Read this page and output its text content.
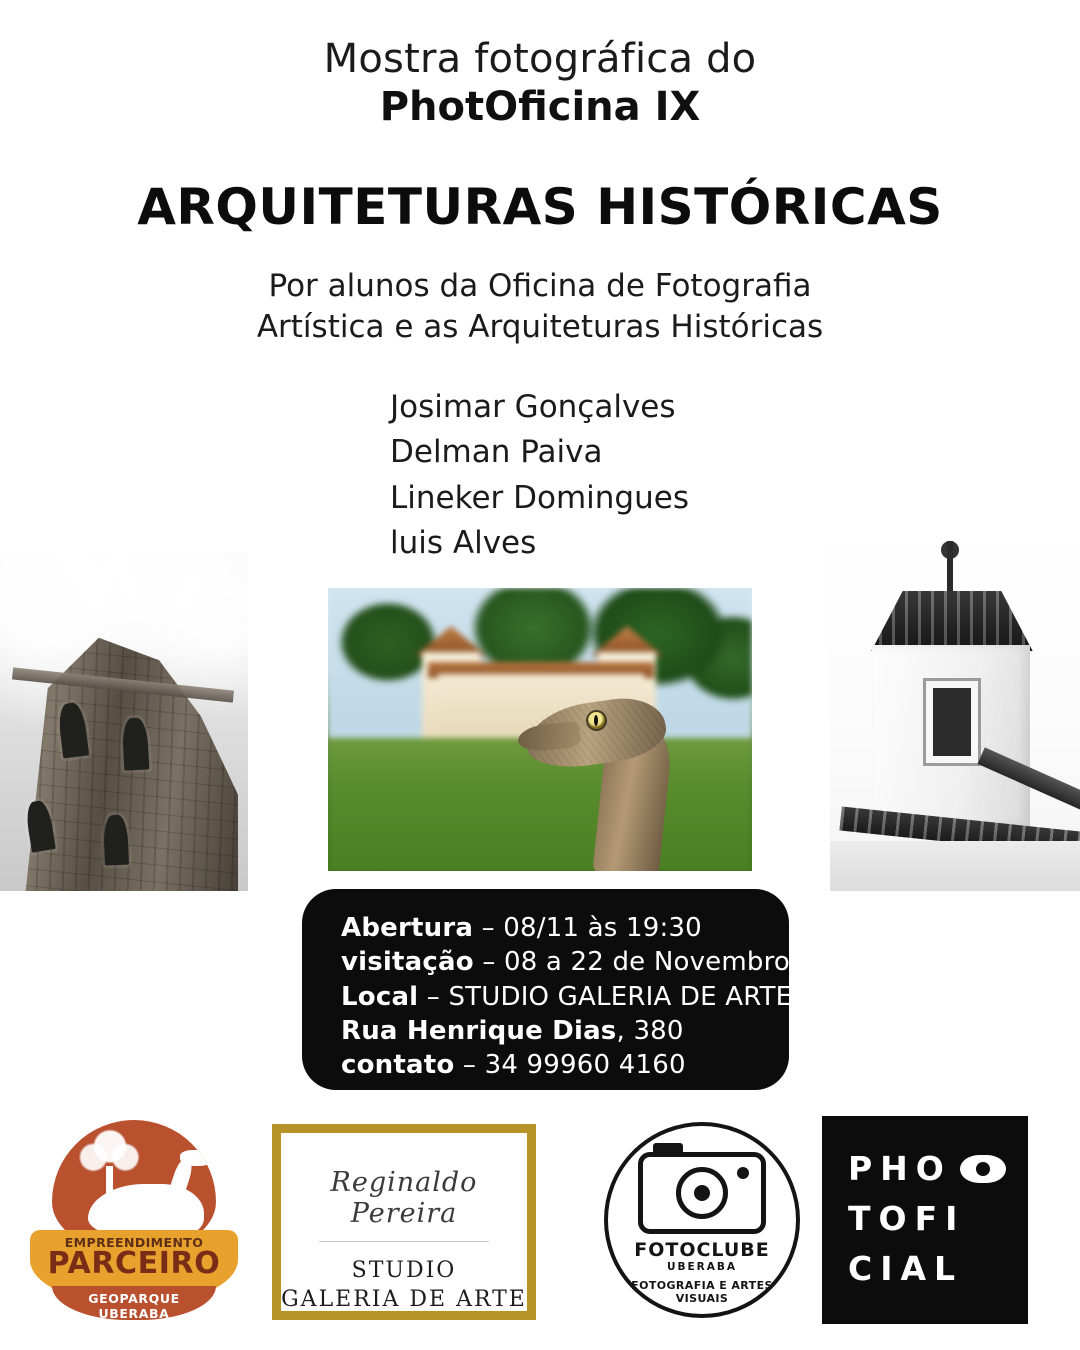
Mostra fotográfica do
PhotOficina IX
ARQUITETURAS HISTÓRICAS
Por alunos da Oficina de Fotografia
Artística e as Arquiteturas Históricas
Josimar Gonçalves
Delman Paiva
Lineker Domingues
luis Alves
Abertura – 08/11 às 19:30
visitação – 08 a 22 de Novembro
Local – STUDIO GALERIA DE ARTE
Rua Henrique Dias, 380
contato – 34 99960 4160
EMPREENDIMENTO
PARCEIRO
GEOPARQUE UBERABA
Reginaldo Pereira
STUDIO
GALERIA DE ARTE
FOTOCLUBE
UBERABA
FOTOGRAFIA E ARTES
VISUAIS
PHO
TOFI
CIAL
